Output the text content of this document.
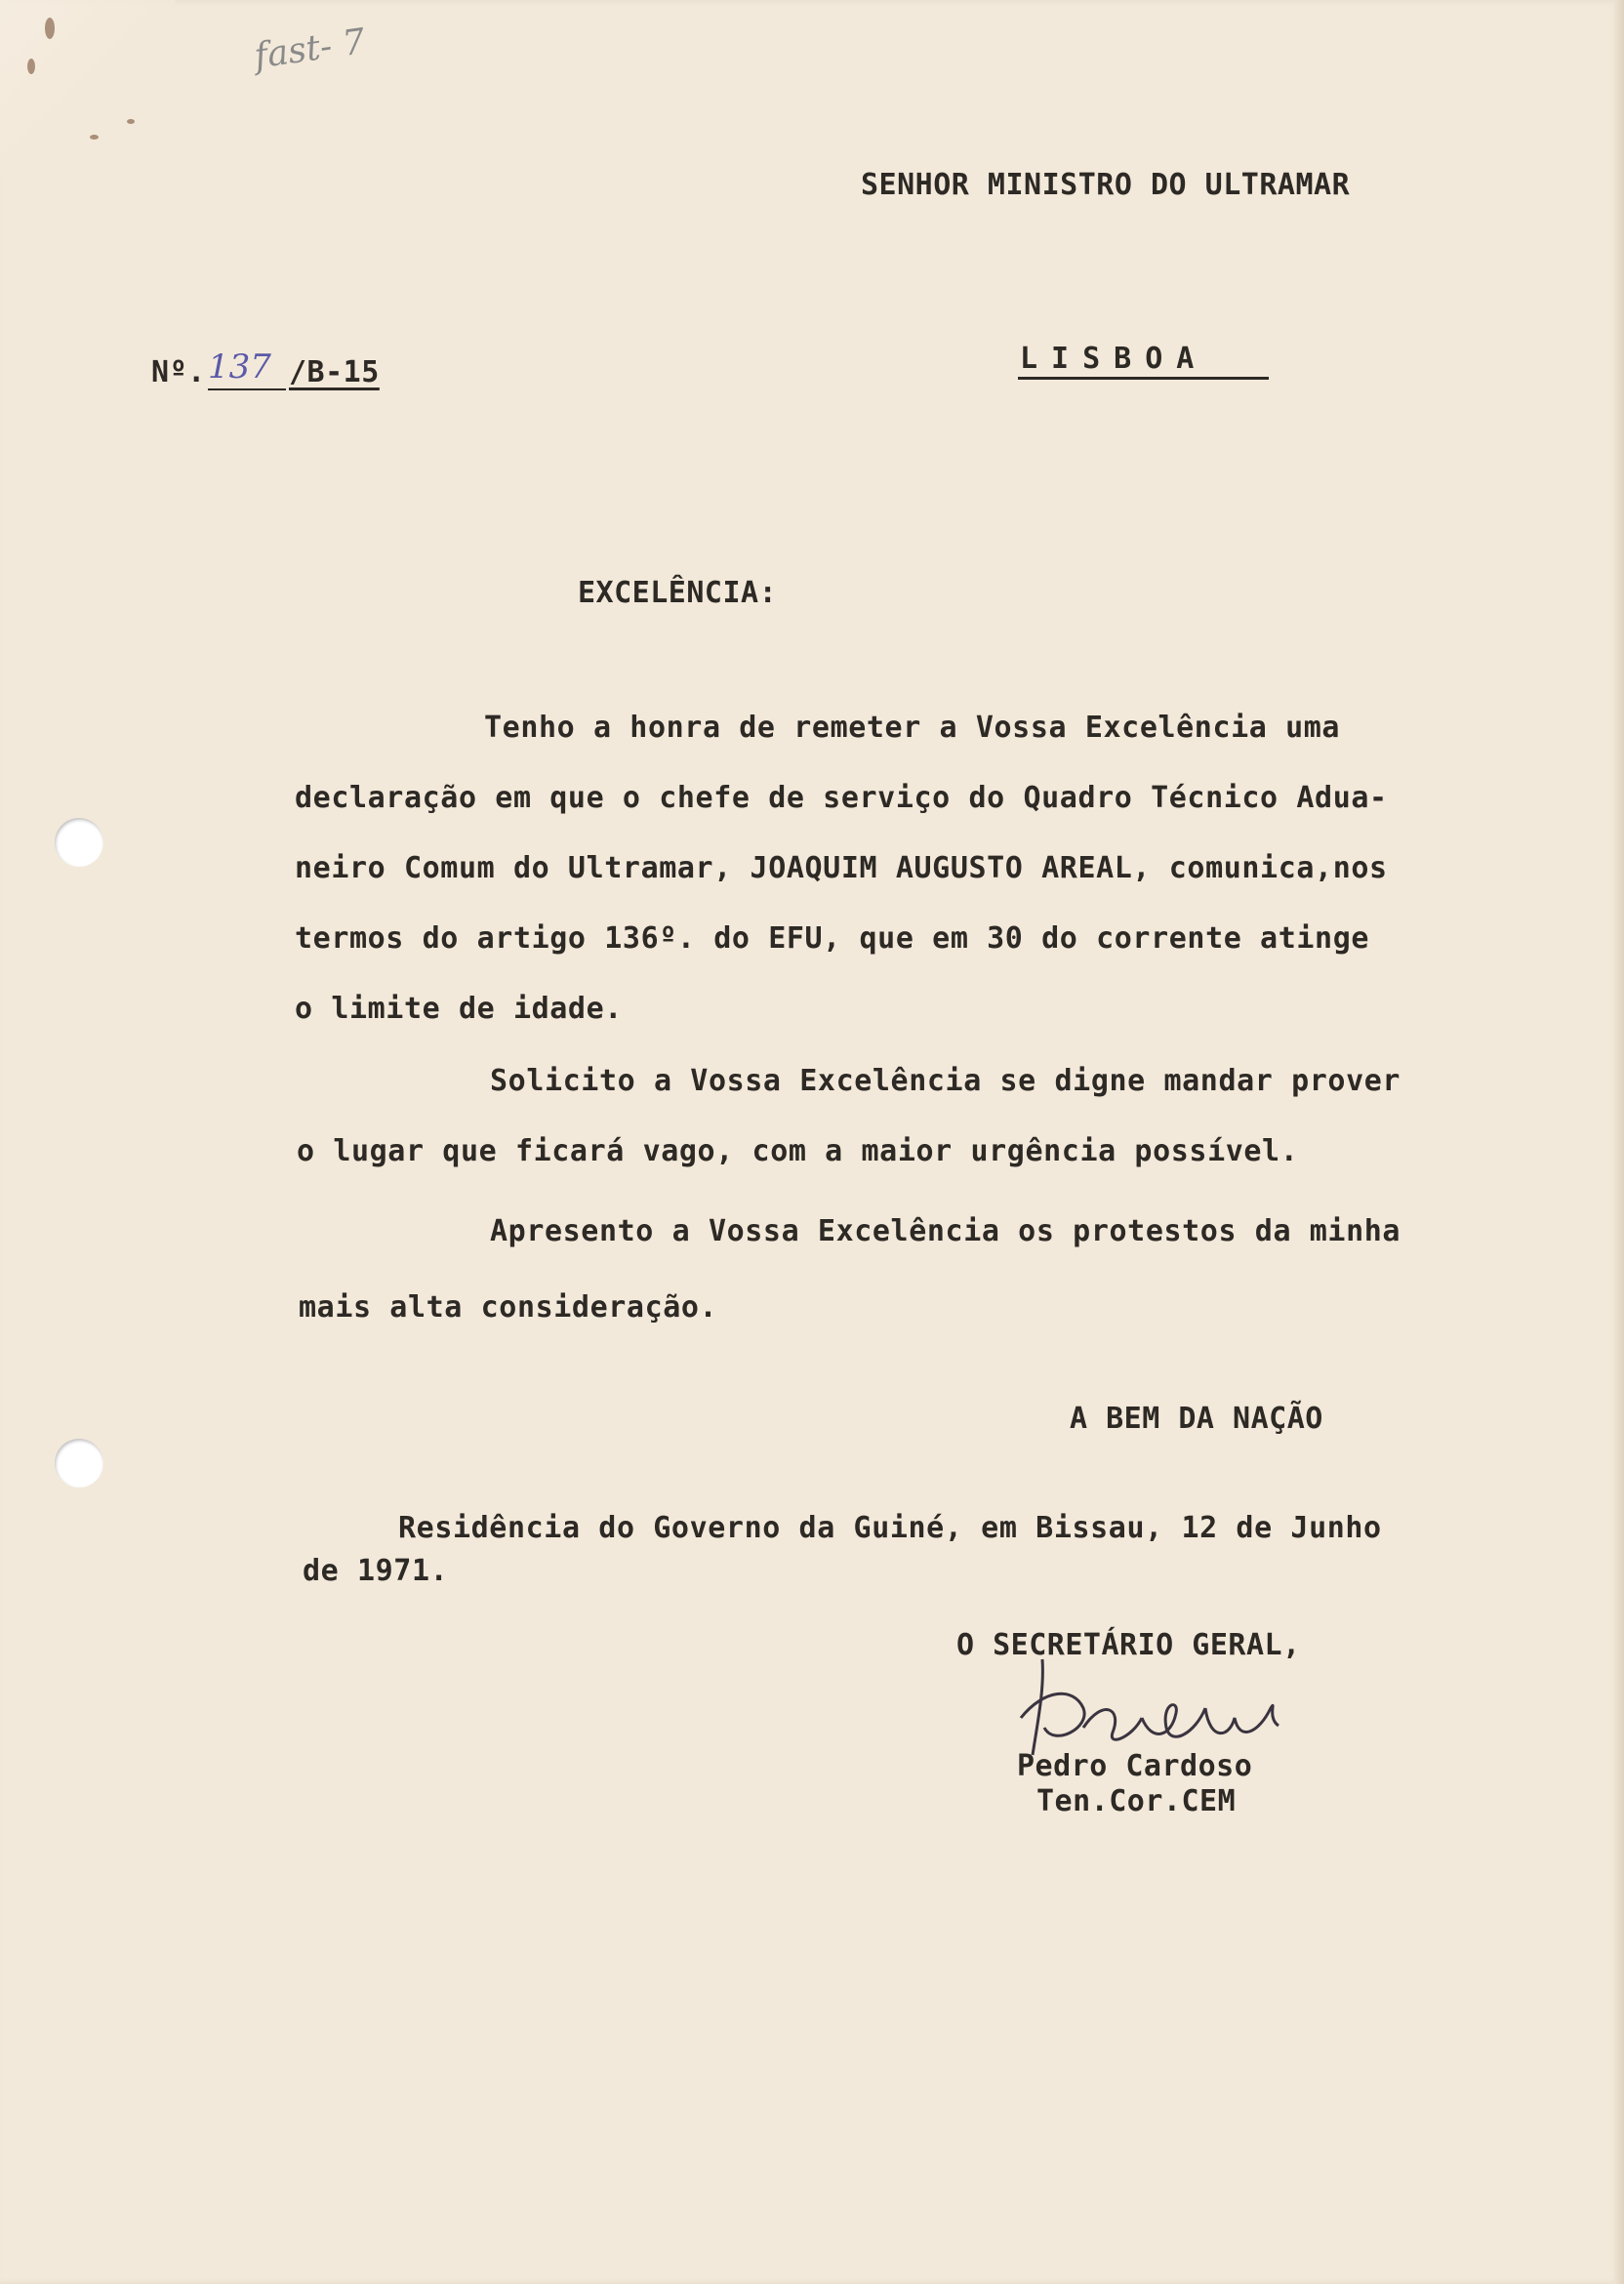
fast- 7
SENHOR MINISTRO DO ULTRAMAR
Nº. 137 /B-15	LISBOA
EXCELÊNCIA:
Tenho a honra de remeter a Vossa Excelência uma
declaração em que o chefe de serviço do Quadro Técnico Adua-
neiro Comum do Ultramar, JOAQUIM AUGUSTO AREAL, comunica,nos
termos do artigo 136º. do EFU, que em 30 do corrente atinge
o limite de idade.
Solicito a Vossa Excelência se digne mandar prover
o lugar que ficará vago, com a maior urgência possível.
Apresento a Vossa Excelência os protestos da minha
mais alta consideração.
A BEM DA NAÇÃO
Residência do Governo da Guiné, em Bissau, 12 de Junho
de 1971.
O SECRETÁRIO GERAL,
Pedro Cardoso
Ten.Cor.CEM
